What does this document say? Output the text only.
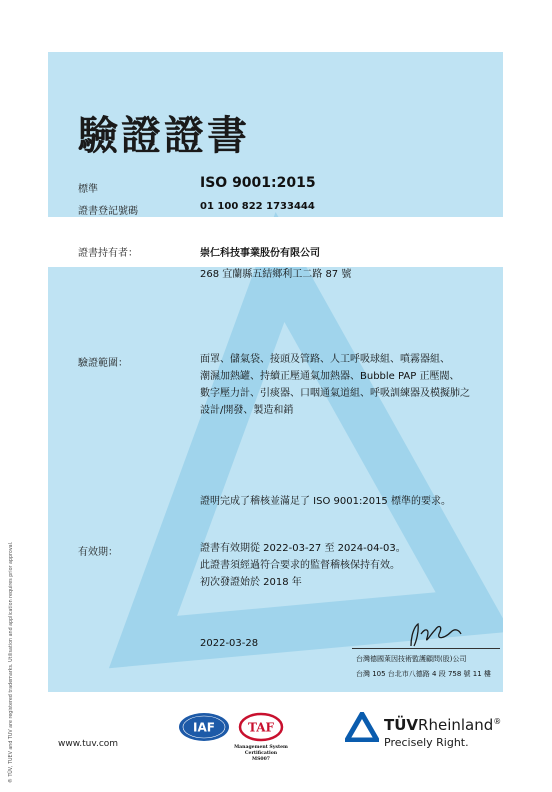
驗證證書
標準	ISO 9001:2015
證書登記號碼	01 100 822 1733444
證書持有者：	崇仁科技事業股份有限公司
268 宜蘭縣五結鄉利工二路 87 號
驗證範圍：	面罩、儲氣袋、接頭及管路、人工呼吸球組、噴霧器組、
潮濕加熱罐、持續正壓通氣加熱器、Bubble PAP 正壓閥、
數字壓力計、引痰器、口咽通氣道組、呼吸訓練器及模擬肺之
設計/開發、製造和銷
證明完成了稽核並滿足了 ISO 9001:2015 標準的要求。
有效期：	證書有效期從 2022-03-27 至 2024-04-03。
此證書須經過符合要求的監督稽核保持有效。
初次發證始於 2018 年
2022-03-28
台灣德國萊因技術監護顧問(股)公司
台灣 105 台北市八德路 4 段 758 號 11 樓
® TÜV, TUEV and TUV are registered trademarks. Utilisation and application requires prior approval.	www.tuv.com
IAF	TAF
Management System
Certification
MS007
TÜVRheinland®
Precisely Right.
